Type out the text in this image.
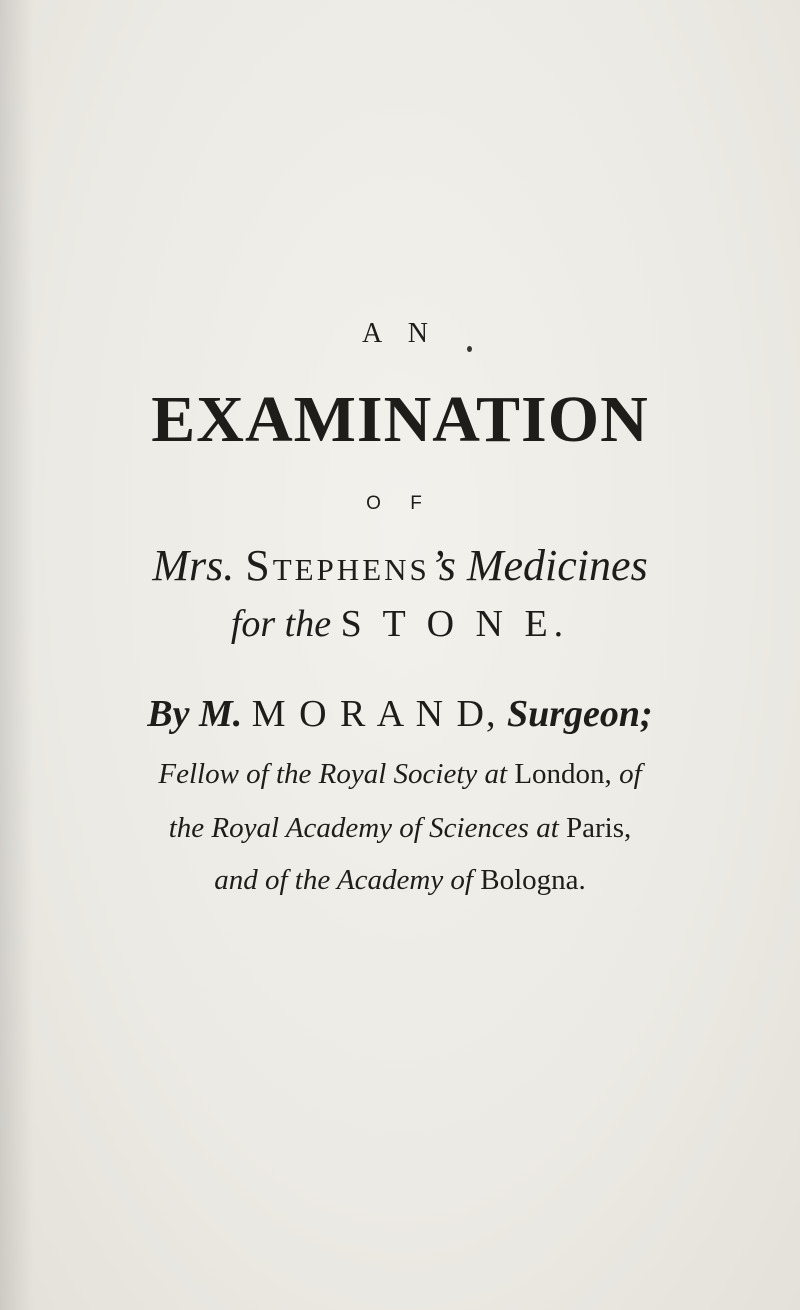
A N

EXAMINATION

O F

Mrs. Stephens’s Medicines

for the S T O N E.

By M. M O R A N D, Surgeon;

Fellow of the Royal Society at London, of

the Royal Academy of Sciences at Paris,

and of the Academy of Bologna.
